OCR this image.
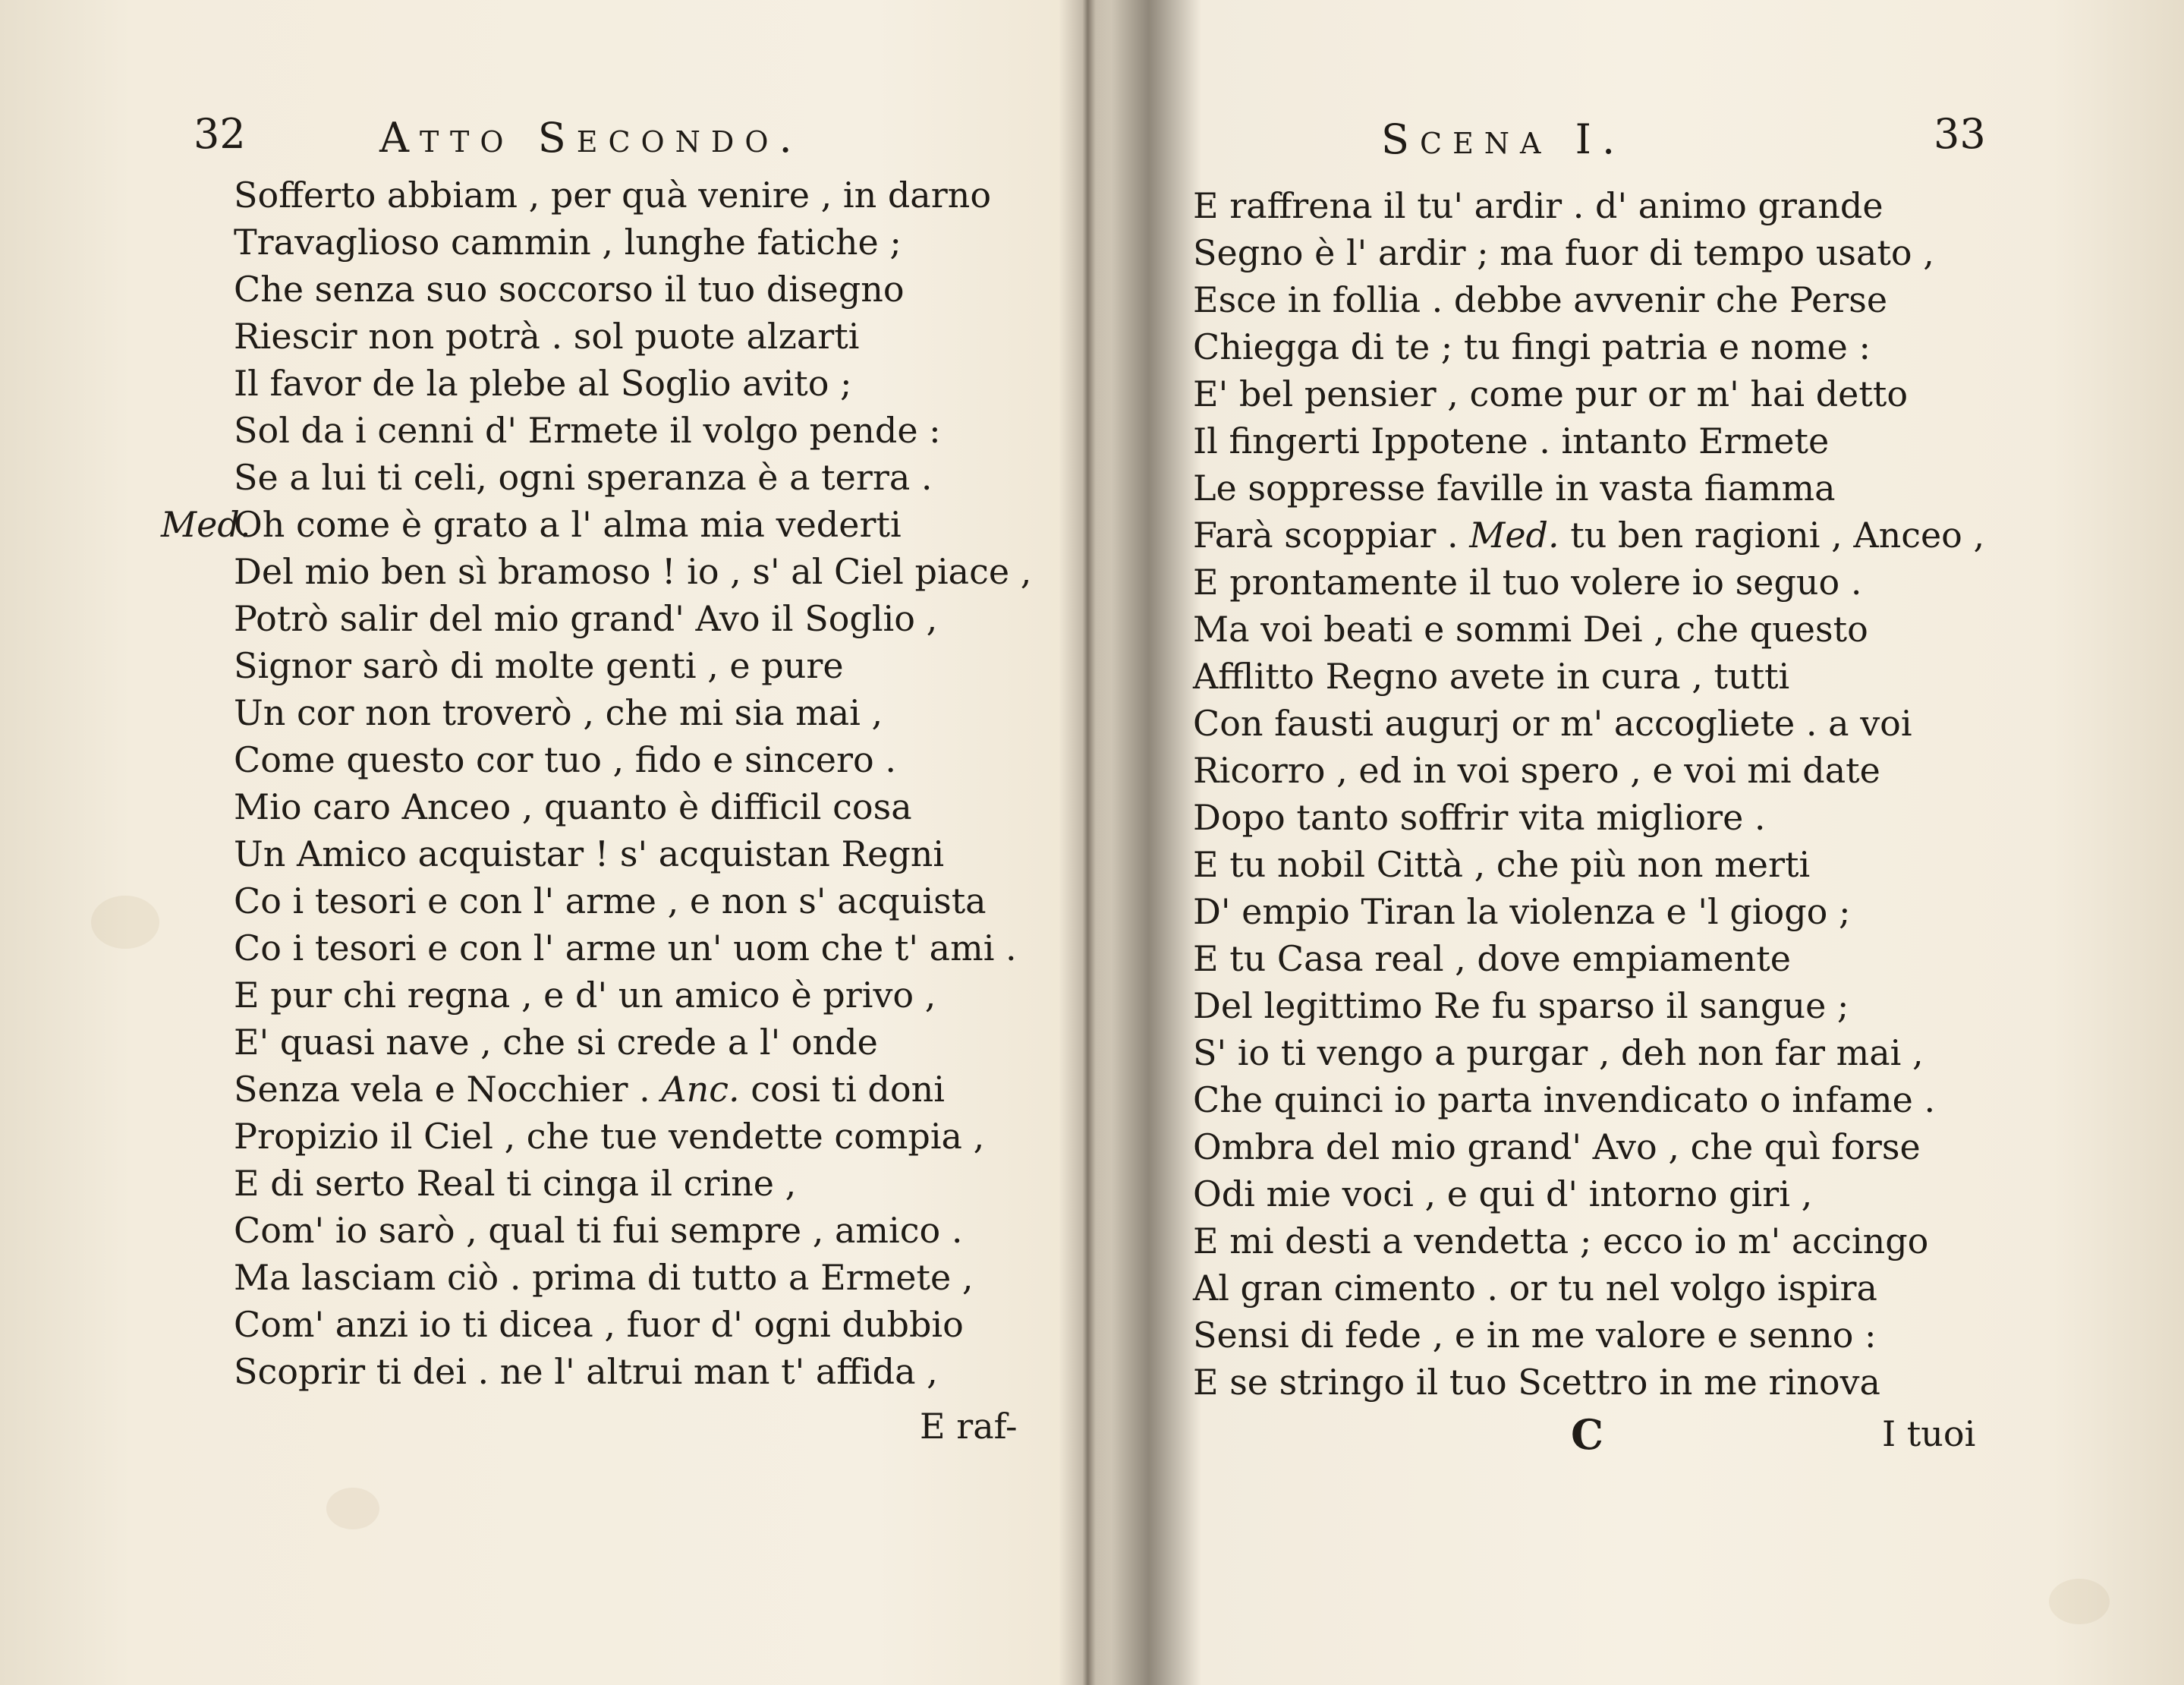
32	Atto Secondo.
Sofferto abbiam , per quà venire , in darno
Travaglioso cammin , lunghe fatiche ;
Che senza suo soccorso il tuo disegno
Riescir non potrà . sol puote alzarti
Il favor de la plebe al Soglio avito ;
Sol da i cenni d' Ermete il volgo pende :
Se a lui ti celi, ogni speranza è a terra .
Med.
Oh come è grato a l' alma mia vederti
Del mio ben sì bramoso ! io , s' al Ciel piace ,
Potrò salir del mio grand' Avo il Soglio ,
Signor sarò di molte genti , e pure
Un cor non troverò , che mi sia mai ,
Come questo cor tuo , fido e sincero .
Mio caro Anceo , quanto è difficil cosa
Un Amico acquistar ! s' acquistan Regni
Co i tesori e con l' arme , e non s' acquista
Co i tesori e con l' arme un' uom che t' ami .
E pur chi regna , e d' un amico è privo ,
E' quasi nave , che si crede a l' onde
Senza vela e Nocchier . Anc. cosi ti doni
Propizio il Ciel , che tue vendette compia ,
E di serto Real ti cinga il crine ,
Com' io sarò , qual ti fui sempre , amico .
Ma lasciam ciò . prima di tutto a Ermete ,
Com' anzi io ti dicea , fuor d' ogni dubbio
Scoprir ti dei . ne l' altrui man t' affida ,
E raf-
Scena I.	33
E raffrena il tu' ardir . d' animo grande
Segno è l' ardir ; ma fuor di tempo usato ,
Esce in follia . debbe avvenir che Perse
Chiegga di te ; tu fingi patria e nome :
E' bel pensier , come pur or m' hai detto
Il fingerti Ippotene . intanto Ermete
Le soppresse faville in vasta fiamma
Farà scoppiar . Med. tu ben ragioni , Anceo ,
E prontamente il tuo volere io seguo .
Ma voi beati e sommi Dei , che questo
Afflitto Regno avete in cura , tutti
Con fausti augurj or m' accogliete . a voi
Ricorro , ed in voi spero , e voi mi date
Dopo tanto soffrir vita migliore .
E tu nobil Città , che più non merti
D' empio Tiran la violenza e 'l giogo ;
E tu Casa real , dove empiamente
Del legittimo Re fu sparso il sangue ;
S' io ti vengo a purgar , deh non far mai ,
Che quinci io parta invendicato o infame .
Ombra del mio grand' Avo , che quì forse
Odi mie voci , e qui d' intorno giri ,
E mi desti a vendetta ; ecco io m' accingo
Al gran cimento . or tu nel volgo ispira
Sensi di fede , e in me valore e senno :
E se stringo il tuo Scettro in me rinova
C	I tuoi
